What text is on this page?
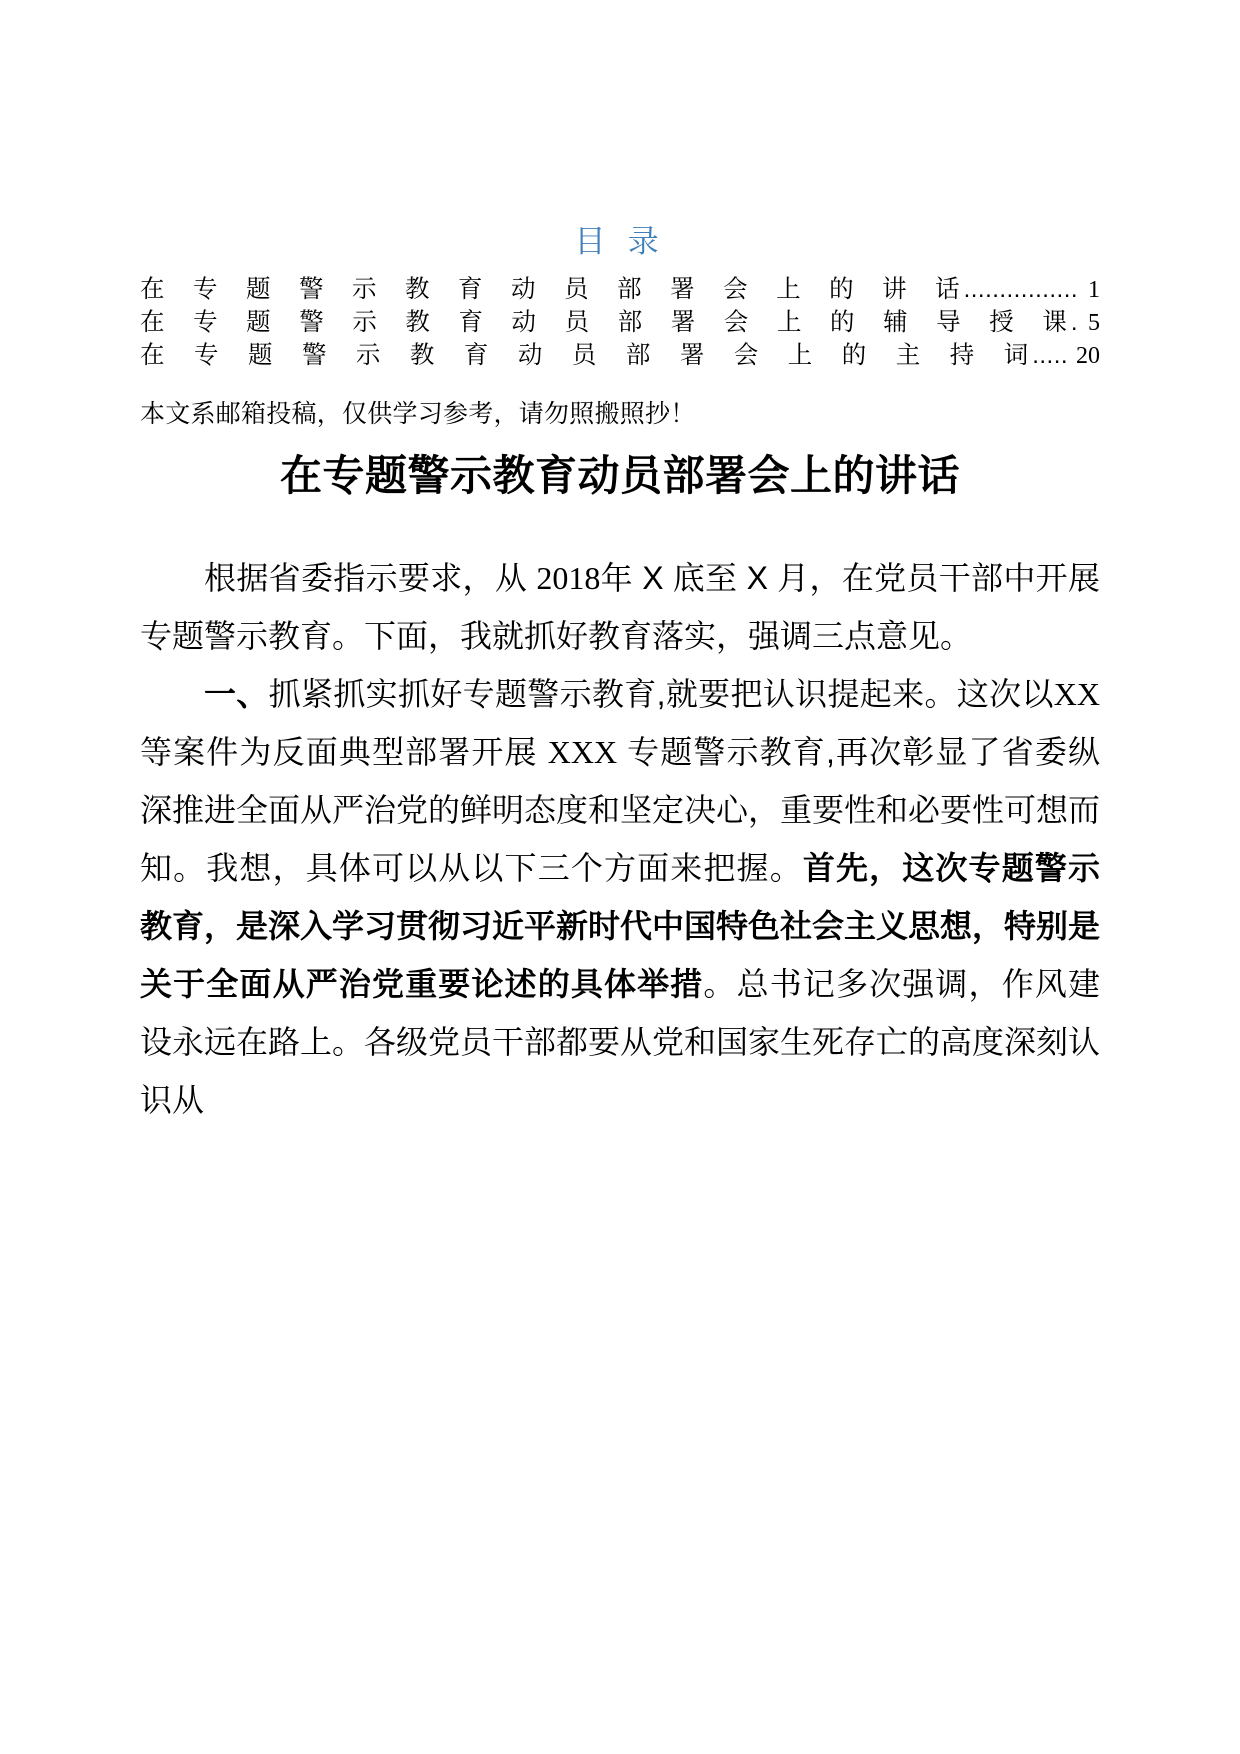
目 录
在专题警示教育动员部署会上的讲话 ................ 1
在专题警示教育动员部署会上的辅导授课 . 5
在专题警示教育动员部署会上的主持词 ..... 20
本文系邮箱投稿，仅供学习参考，请勿照搬照抄！
在专题警示教育动员部署会上的讲话

根据省委指示要求，从 2018年 X 底至 X 月，在党员干部中开展专题警示教育。下面，我就抓好教育落实，强调三点意见。

一、抓紧抓实抓好专题警示教育,就要把认识提起来。这次以XX 等案件为反面典型部署开展 XXX 专题警示教育,再次彰显了省委纵深推进全面从严治党的鲜明态度和坚定决心，重要性和必要性可想而知。我想，具体可以从以下三个方面来把握。首先，这次专题警示教育，是深入学习贯彻习近平新时代中国特色社会主义思想，特别是关于全面从严治党重要论述的具体举措。总书记多次强调，作风建设永远在路上。各级党员干部都要从党和国家生死存亡的高度深刻认识从
